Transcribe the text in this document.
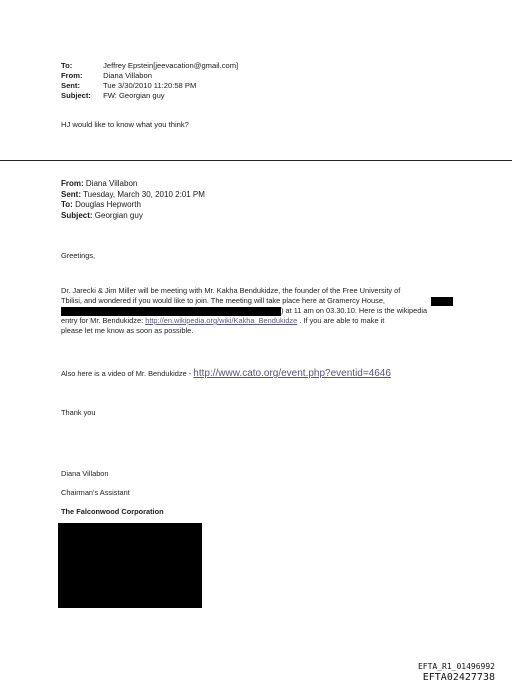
To:	Jeffrey Epstein[jeevacation@gmail.com]
From:	Diana Villabon
Sent:	Tue 3/30/2010 11:20:58 PM
Subject: FW: Georgian guy
HJ would like to know what you think?
From: Diana Villabon
Sent: Tuesday, March 30, 2010 2:01 PM
To: Douglas Hepworth
Subject: Georgian guy
Greetings,
Dr. Jarecki & Jim Miller will be meeting with Mr. Kakha Bendukidze, the founder of the Free University of
Tbilisi, and wondered if you would like to join. The meeting will take place here at Gramercy House,
) at 11 am on 03.30.10. Here is the wikipedia
entry for Mr. Bendukidze: http://en.wikipedia.org/wiki/Kakha_Bendukidze . If you are able to make it
please let me know as soon as possible.
Also here is a video of Mr. Bendukidze - http://www.cato.org/event.php?eventid=4646
Thank you
Diana Villabon
Chairman's Assistant
The Falconwood Corporation
EFTA_R1_01496992
EFTA02427738
